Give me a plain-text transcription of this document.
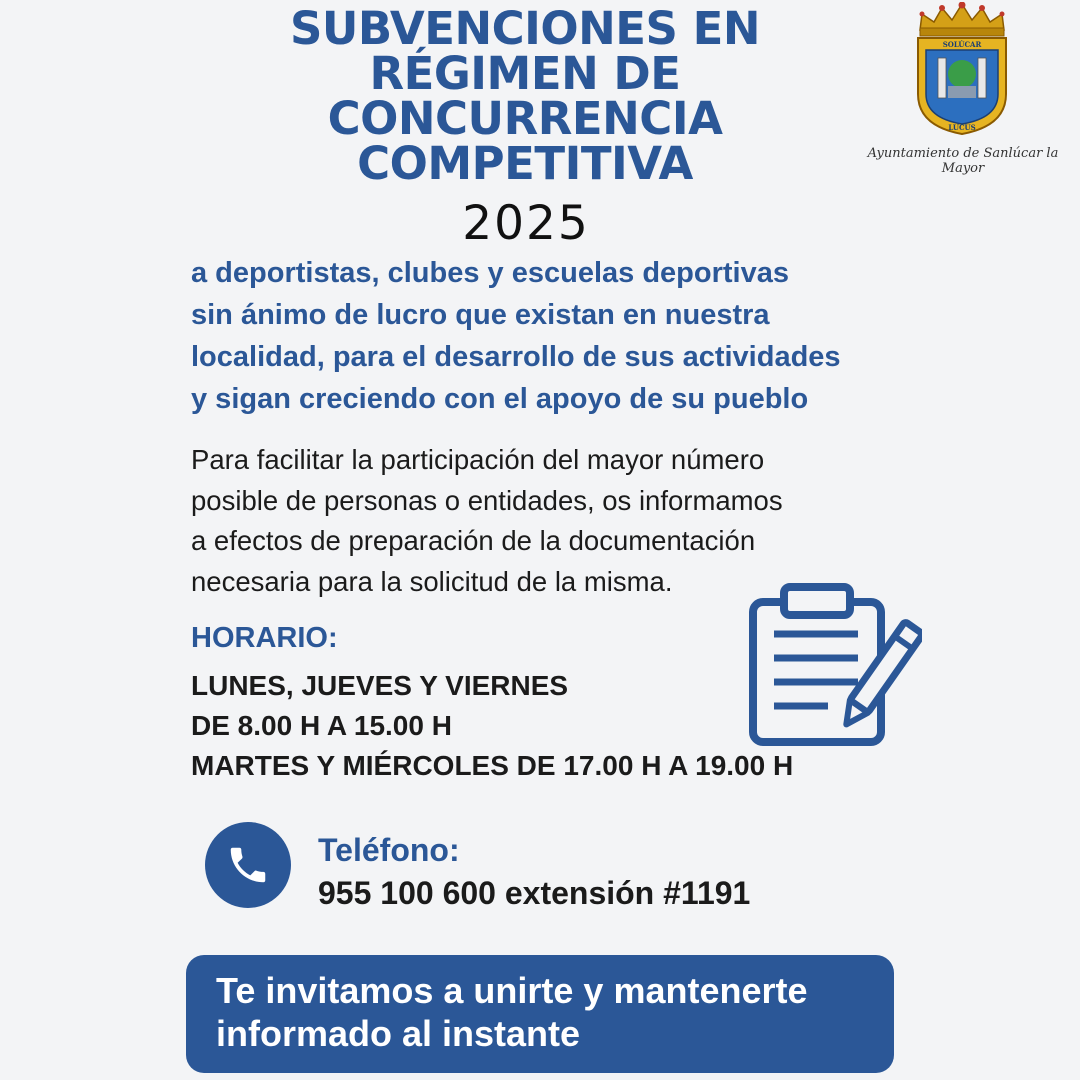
SUBVENCIONES EN
RÉGIMEN DE
CONCURRENCIA
COMPETITIVA
2025
SOLÚCAR
LUCUS
Ayuntamiento de Sanlúcar la Mayor
a deportistas, clubes y escuelas deportivas
sin ánimo de lucro que existan en nuestra
localidad, para el desarrollo de sus actividades
y sigan creciendo con el apoyo de su pueblo
Para facilitar la participación del mayor número
posible de personas o entidades, os informamos
a efectos de preparación de la documentación
necesaria para la solicitud de la misma.
HORARIO:
LUNES, JUEVES Y VIERNES
DE 8.00 H A 15.00 H
MARTES Y MIÉRCOLES DE 17.00 H A 19.00 H
Teléfono:
955 100 600 extensión #1191
Te invitamos a unirte y mantenerte
informado al instante
